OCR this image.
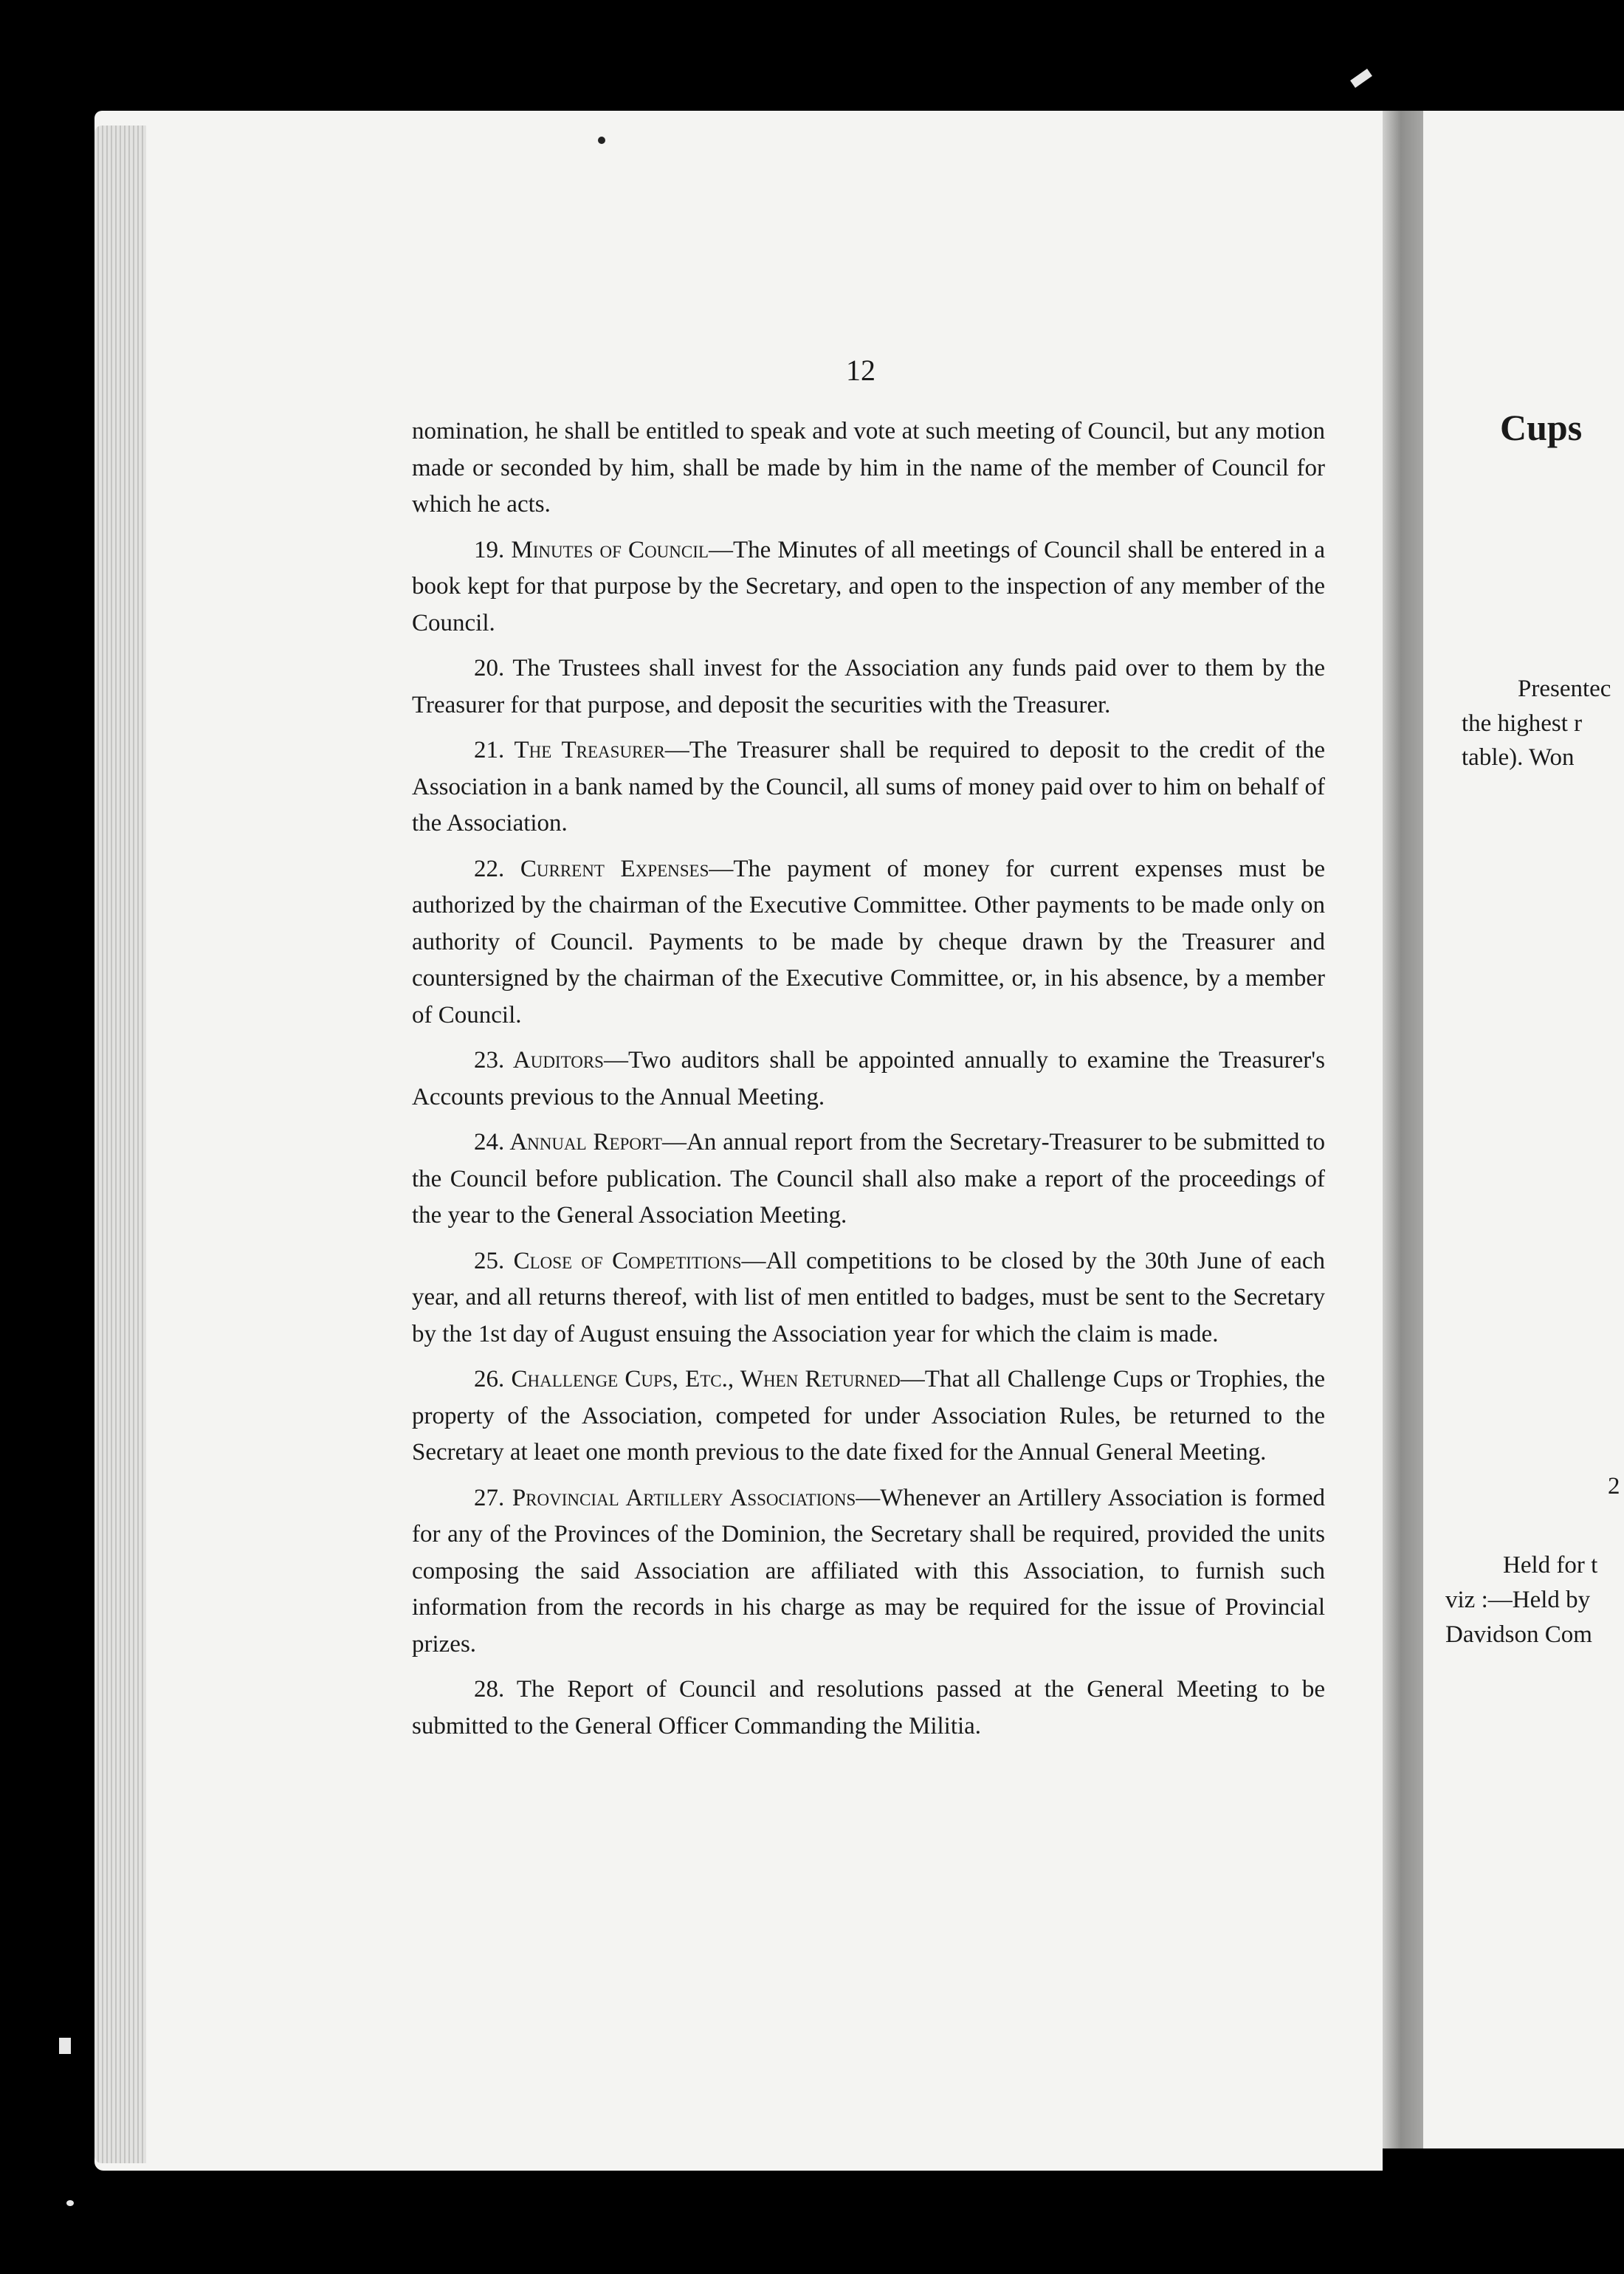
Cups
Presentec
the highest r
table). Won
2
Held for t
viz :—Held by
Davidson Com
12

nomination, he shall be entitled to speak and vote at such meeting of Council, but any motion made or seconded by him, shall be made by him in the name of the member of Council for which he acts.

19. Minutes of Council—The Minutes of all meetings of Council shall be entered in a book kept for that purpose by the Secretary, and open to the inspection of any member of the Council.

20. The Trustees shall invest for the Association any funds paid over to them by the Treasurer for that purpose, and deposit the securities with the Treasurer.

21. The Treasurer—The Treasurer shall be required to deposit to the credit of the Association in a bank named by the Council, all sums of money paid over to him on behalf of the Association.

22. Current Expenses—The payment of money for current expenses must be authorized by the chairman of the Executive Committee. Other payments to be made only on authority of Council. Payments to be made by cheque drawn by the Treasurer and countersigned by the chairman of the Executive Committee, or, in his absence, by a member of Council.

23. Auditors—Two auditors shall be appointed annually to examine the Treasurer's Accounts previous to the Annual Meeting.

24. Annual Report—An annual report from the Secretary-Treasurer to be submitted to the Council before publication. The Council shall also make a report of the proceedings of the year to the General Association Meeting.

25. Close of Competitions—All competitions to be closed by the 30th June of each year, and all returns thereof, with list of men entitled to badges, must be sent to the Secretary by the 1st day of August ensuing the Association year for which the claim is made.

26. Challenge Cups, Etc., When Returned—That all Challenge Cups or Trophies, the property of the Association, competed for under Association Rules, be returned to the Secretary at leaet one month previous to the date fixed for the Annual General Meeting.

27. Provincial Artillery Associations—Whenever an Artillery Association is formed for any of the Provinces of the Dominion, the Secretary shall be required, provided the units composing the said Association are affiliated with this Association, to furnish such information from the records in his charge as may be required for the issue of Provincial prizes.

28. The Report of Council and resolutions passed at the General Meeting to be submitted to the General Officer Commanding the Militia.
